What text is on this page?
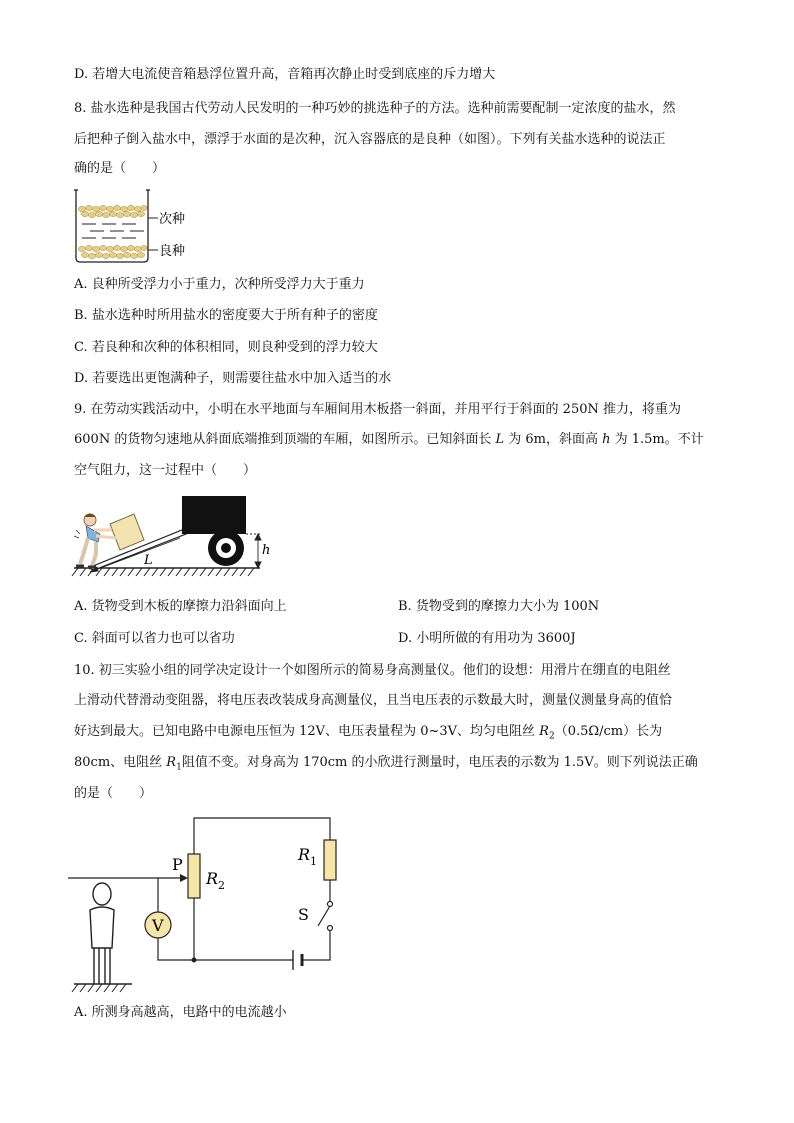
D. 若增大电流使音箱悬浮位置升高，音箱再次静止时受到底座的斥力增大
8. 盐水选种是我国古代劳动人民发明的一种巧妙的挑选种子的方法。选种前需要配制一定浓度的盐水，然
后把种子倒入盐水中，漂浮于水面的是次种，沉入容器底的是良种（如图）。下列有关盐水选种的说法正
确的是（　　）
次种
良种
A. 良种所受浮力小于重力，次种所受浮力大于重力
B. 盐水选种时所用盐水的密度要大于所有种子的密度
C. 若良种和次种的体积相同，则良种受到的浮力较大
D. 若要选出更饱满种子，则需要往盐水中加入适当的水
9. 在劳动实践活动中，小明在水平地面与车厢间用木板搭一斜面，并用平行于斜面的 250N 推力，将重为
600N 的货物匀速地从斜面底端推到顶端的车厢，如图所示。已知斜面长 L 为 6m，斜面高 h 为 1.5m。不计
空气阻力，这一过程中（　　）
L
h
A. 货物受到木板的摩擦力沿斜面向上	B. 货物受到的摩擦力大小为 100N
C. 斜面可以省力也可以省功	D. 小明所做的有用功为 3600J
10. 初三实验小组的同学决定设计一个如图所示的简易身高测量仪。他们的设想：用滑片在绷直的电阻丝
上滑动代替滑动变阻器，将电压表改装成身高测量仪，且当电压表的示数最大时，测量仪测量身高的值恰
好达到最大。已知电路中电源电压恒为 12V、电压表量程为 0~3V、均匀电阻丝 $R_2(0.5\Omega/cm)$长为
80cm、电阻丝 $R_1$阻值不变。对身高为 170cm 的小欣进行测量时，电压表的示数为 1.5V。则下列说法正确
的是（　　）
P
$R_2$
$R_1$
S
V
A. 所测身高越高，电路中的电流越小
